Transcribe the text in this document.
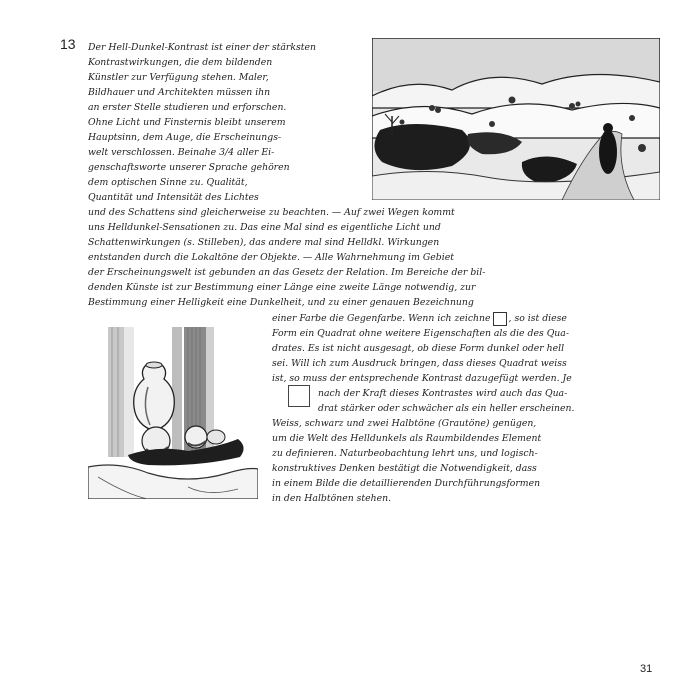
13 Der Hell-Dunkel-Kontrast ist einer der stärksten
Kontrastwirkungen, die dem bildenden
Künstler zur Verfügung stehen. Maler,
Bildhauer und Architekten müssen ihn
an erster Stelle studieren und erforschen.
Ohne Licht und Finsternis bleibt unserem
Hauptsinn, dem Auge, die Erscheinungs-
welt verschlossen. Beinahe 3/4 aller Ei-
genschaftsworte unserer Sprache gehören
dem optischen Sinne zu. Qualität,
Quantität und Intensität des Lichtes
und des Schattens sind gleicherweise zu beachten. — Auf zwei Wegen kommt
uns Helldunkel-Sensationen zu. Das eine Mal sind es eigentliche Licht und
Schattenwirkungen (s. Stilleben), das andere mal sind Helldkl. Wirkungen
entstanden durch die Lokaltöne der Objekte. — Alle Wahrnehmung im Gebiet
der Erscheinungswelt ist gebunden an das Gesetz der Relation. Im Bereiche der bil-
denden Künste ist zur Bestimmung einer Länge eine zweite Länge notwendig, zur
Bestimmung einer Helligkeit eine Dunkelheit, und zu einer genauen Bezeichnung
einer Farbe die Gegenfarbe. Wenn ich zeichne , so ist diese
Form ein Quadrat ohne weitere Eigenschaften als die des Qua-
drates. Es ist nicht ausgesagt, ob diese Form dunkel oder hell
sei. Will ich zum Ausdruck bringen, dass dieses Quadrat weiss
ist, so muss der entsprechende Kontrast dazugefügt werden. Je
nach der Kraft dieses Kontrastes wird auch das Qua-
drat stärker oder schwächer als ein heller erscheinen.
Weiss, schwarz und zwei Halbtöne (Grautöne) genügen,
um die Welt des Helldunkels als Raumbildendes Element
zu definieren. Naturbeobachtung lehrt uns, und logisch-
konstruktives Denken bestätigt die Notwendigkeit, dass
in einem Bilde die detaillierenden Durchführungsformen
in den Halbtönen stehen.
31
